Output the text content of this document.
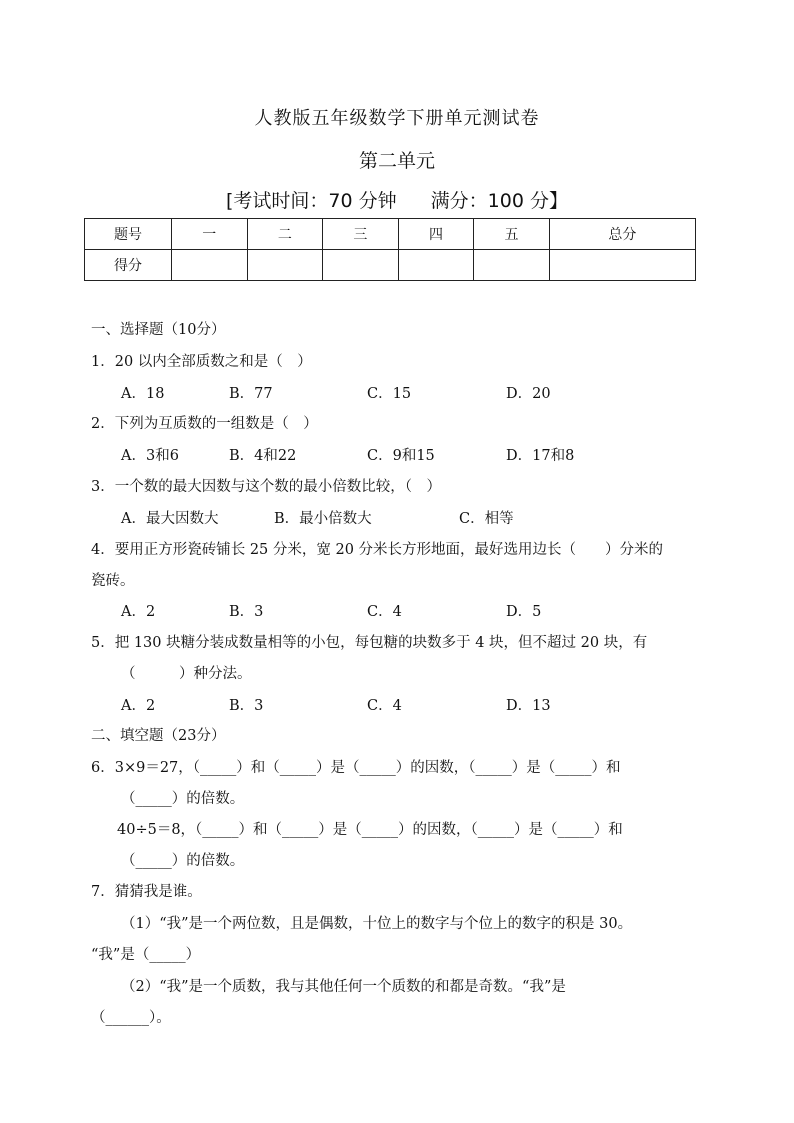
人教版五年级数学下册单元测试卷
第二单元
[考试时间：70 分钟 满分：100 分】
题号	一	二	三	四	五	总分
得分						
一、选择题（10分）
1．20 以内全部质数之和是（　）
A．18	B．77	C．15	D．20
2．下列为互质数的一组数是（　）
A．3和6	B．4和22	C．9和15	D．17和8
3．一个数的最大因数与这个数的最小倍数比较，（　）
A．最大因数大	B．最小倍数大	C．相等
4．要用正方形瓷砖铺长 25 分米，宽 20 分米长方形地面，最好选用边长（　　）分米的
瓷砖。
A．2	B．3	C．4	D．5
5．把 130 块糖分装成数量相等的小包，每包糖的块数多于 4 块，但不超过 20 块，有
（　　　）种分法。
A．2	B．3	C．4	D．13
二、填空题（23分）
6．3×9＝27，（_____）和（_____）是（_____）的因数，（_____）是（_____）和
（_____）的倍数。
40÷5＝8，（_____）和（_____）是（_____）的因数，（_____）是（_____）和
（_____）的倍数。
7．猜猜我是谁。
（1）“我”是一个两位数，且是偶数，十位上的数字与个位上的数字的积是 30。
“我”是（_____）
（2）“我”是一个质数，我与其他任何一个质数的和都是奇数。“我”是
（______）。
